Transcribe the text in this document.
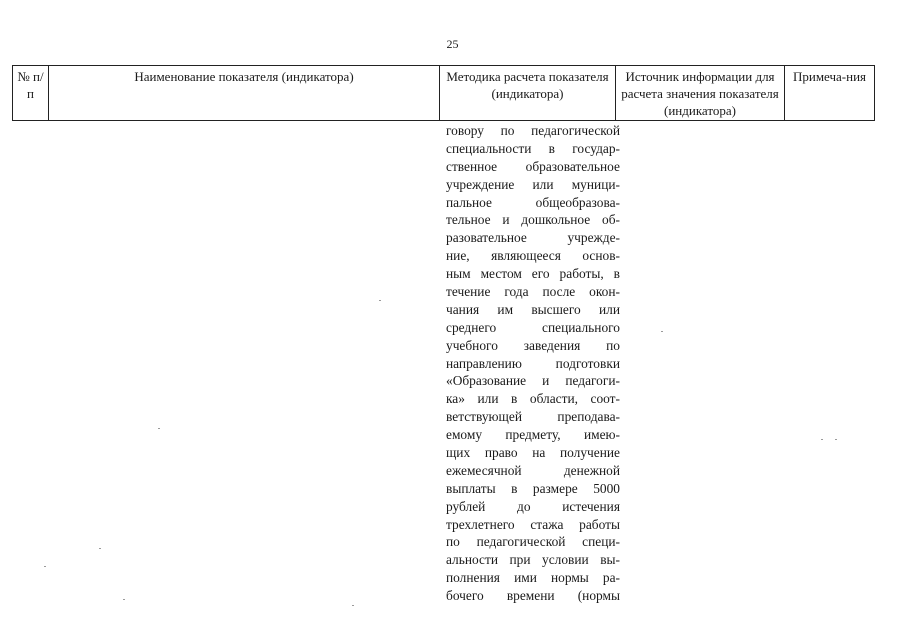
25
№ п/п	Наименование показателя (индикатора)	Методика расчета показателя (индикатора)	Источник информации для расчета значения показателя (индикатора)	Примеча-ния
говору по педагогической
специальности в государ-
ственное образовательное
учреждение или муници-
пальное общеобразова-
тельное и дошкольное об-
разовательное учрежде-
ние, являющееся основ-
ным местом его работы, в
течение года после окон-
чания им высшего или
среднего специального
учебного заведения по
направлению подготовки
«Образование и педагоги-
ка» или в области, соот-
ветствующей преподава-
емому предмету, имею-
щих право на получение
ежемесячной денежной
выплаты в размере 5000
рублей до истечения
трехлетнего стажа работы
по педагогической специ-
альности при условии вы-
полнения ими нормы ра-
бочего времени (нормы
